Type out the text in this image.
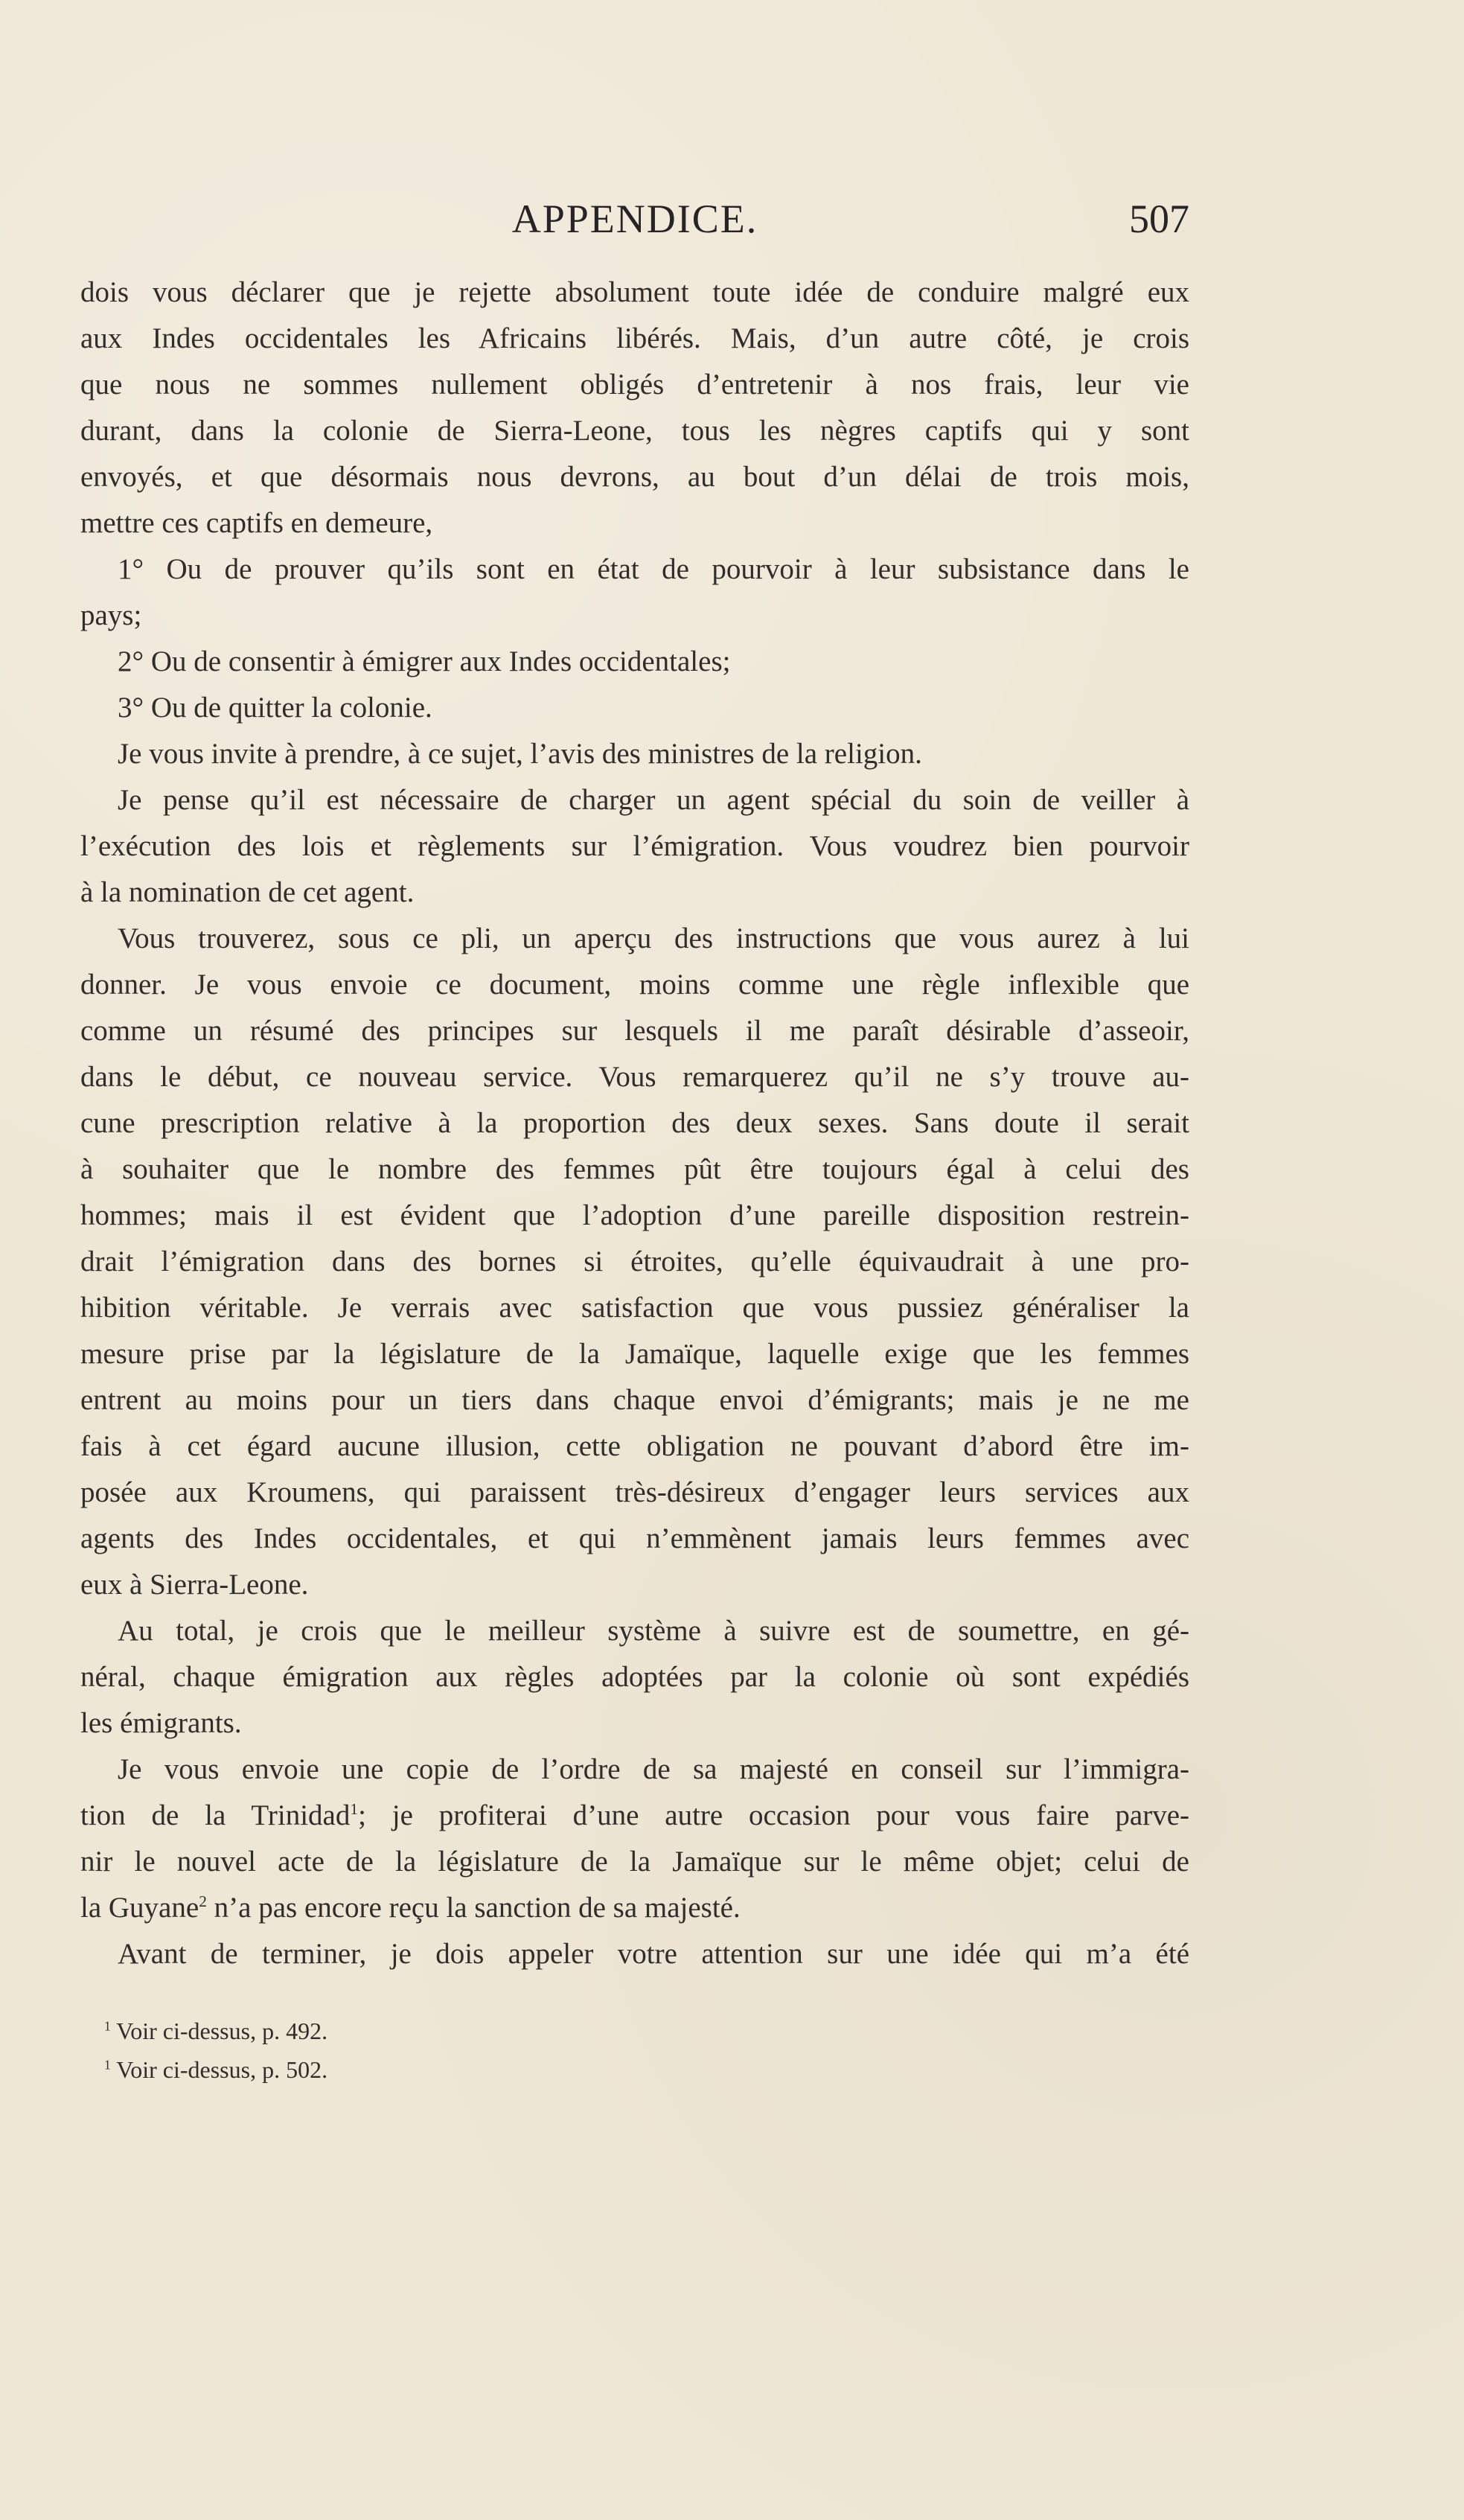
APPENDICE.	507
dois vous déclarer que je rejette absolument toute idée de conduire malgré eux
aux Indes occidentales les Africains libérés. Mais, d’un autre côté, je crois
que nous ne sommes nullement obligés d’entretenir à nos frais, leur vie
durant, dans la colonie de Sierra-Leone, tous les nègres captifs qui y sont
envoyés, et que désormais nous devrons, au bout d’un délai de trois mois,
mettre ces captifs en demeure,
1° Ou de prouver qu’ils sont en état de pourvoir à leur subsistance dans le
pays;
2° Ou de consentir à émigrer aux Indes occidentales;
3° Ou de quitter la colonie.
Je vous invite à prendre, à ce sujet, l’avis des ministres de la religion.
Je pense qu’il est nécessaire de charger un agent spécial du soin de veiller à
l’exécution des lois et règlements sur l’émigration. Vous voudrez bien pourvoir
à la nomination de cet agent.
Vous trouverez, sous ce pli, un aperçu des instructions que vous aurez à lui
donner. Je vous envoie ce document, moins comme une règle inflexible que
comme un résumé des principes sur lesquels il me paraît désirable d’asseoir,
dans le début, ce nouveau service. Vous remarquerez qu’il ne s’y trouve au-
cune prescription relative à la proportion des deux sexes. Sans doute il serait
à souhaiter que le nombre des femmes pût être toujours égal à celui des
hommes; mais il est évident que l’adoption d’une pareille disposition restrein-
drait l’émigration dans des bornes si étroites, qu’elle équivaudrait à une pro-
hibition véritable. Je verrais avec satisfaction que vous pussiez généraliser la
mesure prise par la législature de la Jamaïque, laquelle exige que les femmes
entrent au moins pour un tiers dans chaque envoi d’émigrants; mais je ne me
fais à cet égard aucune illusion, cette obligation ne pouvant d’abord être im-
posée aux Kroumens, qui paraissent très-désireux d’engager leurs services aux
agents des Indes occidentales, et qui n’emmènent jamais leurs femmes avec
eux à Sierra-Leone.
Au total, je crois que le meilleur système à suivre est de soumettre, en gé-
néral, chaque émigration aux règles adoptées par la colonie où sont expédiés
les émigrants.
Je vous envoie une copie de l’ordre de sa majesté en conseil sur l’immigra-
tion de la Trinidad$^1$; je profiterai d’une autre occasion pour vous faire parve-
nir le nouvel acte de la législature de la Jamaïque sur le même objet; celui de
la Guyane$^2$ n’a pas encore reçu la sanction de sa majesté.
Avant de terminer, je dois appeler votre attention sur une idée qui m’a été
$^1$ Voir ci-dessus, p. 492.
$^1$ Voir ci-dessus, p. 502.
